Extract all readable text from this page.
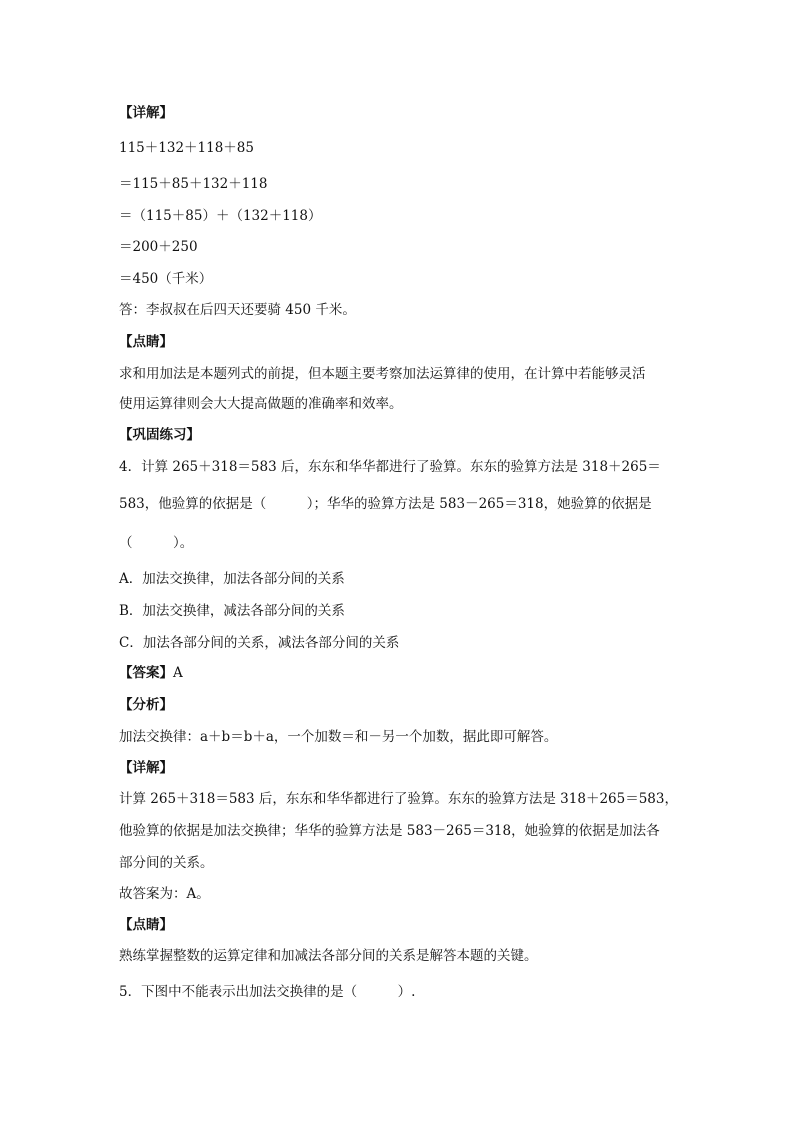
【详解】
115＋132＋118＋85
＝115＋85＋132＋118
＝（115＋85）＋（132＋118）
＝200＋250
＝450（千米）
答：李叔叔在后四天还要骑 450 千米。
【点睛】
求和用加法是本题列式的前提，但本题主要考察加法运算律的使用，在计算中若能够灵活
使用运算律则会大大提高做题的准确率和效率。
【巩固练习】
4．计算 265＋318＝583 后，东东和华华都进行了验算。东东的验算方法是 318＋265＝
583，他验算的依据是（　　　）；华华的验算方法是 583－265＝318，她验算的依据是
（　　　）。
A．加法交换律，加法各部分间的关系
B．加法交换律，减法各部分间的关系
C．加法各部分间的关系，减法各部分间的关系
【答案】A
【分析】
加法交换律：a＋b＝b＋a，一个加数＝和－另一个加数，据此即可解答。
【详解】
计算 265＋318＝583 后，东东和华华都进行了验算。东东的验算方法是 318＋265＝583，
他验算的依据是加法交换律；华华的验算方法是 583－265＝318，她验算的依据是加法各
部分间的关系。
故答案为：A。
【点睛】
熟练掌握整数的运算定律和加减法各部分间的关系是解答本题的关键。
5．下图中不能表示出加法交换律的是（　　　）.
